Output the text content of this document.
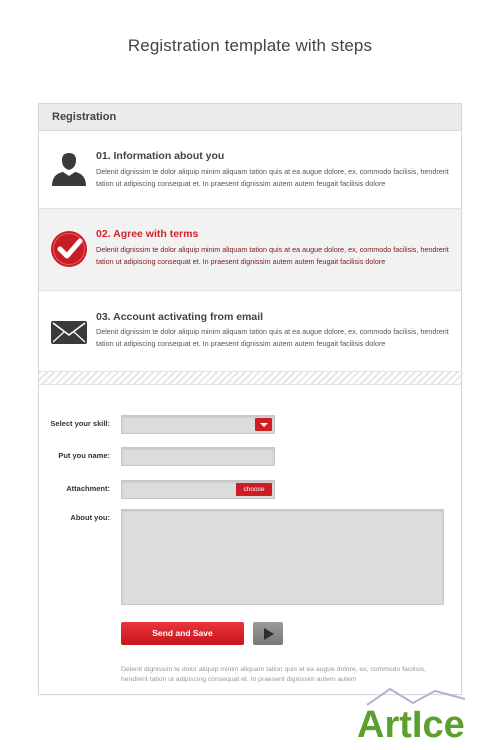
Registration template with steps
Registration
01. Information about you
Delenit dignissim te dolor aliquip minim aliquam tation quis at ea augue dolore, ex, commodo facilisis, hendrerit tation ut adipiscing consequat et. In praesent dignissim autem autem feugait facilisis dolore
02. Agree with terms
Delenit dignissim te dolor aliquip minim aliquam tation quis at ea augue dolore, ex, commodo facilisis, hendrerit tation ut adipiscing consequat et. In praesent dignissim autem autem feugait facilisis dolore
03. Account activating from email
Delenit dignissim te dolor aliquip minim aliquam tation quis at ea augue dolore, ex, commodo facilisis, hendrerit tation ut adipiscing consequat et. In praesent dignissim autem autem feugait facilisis dolore
Select your skill:
Put you name:
Attachment:	choose
About you:
Send and Save
Delenit dignissim te dolor aliquip minim aliquam tation quis at ea augue dolore, ex, commodo facilisis, hendrerit tation ut adipiscing consequat et. In praesent dignissim autem autem
ArtIce
